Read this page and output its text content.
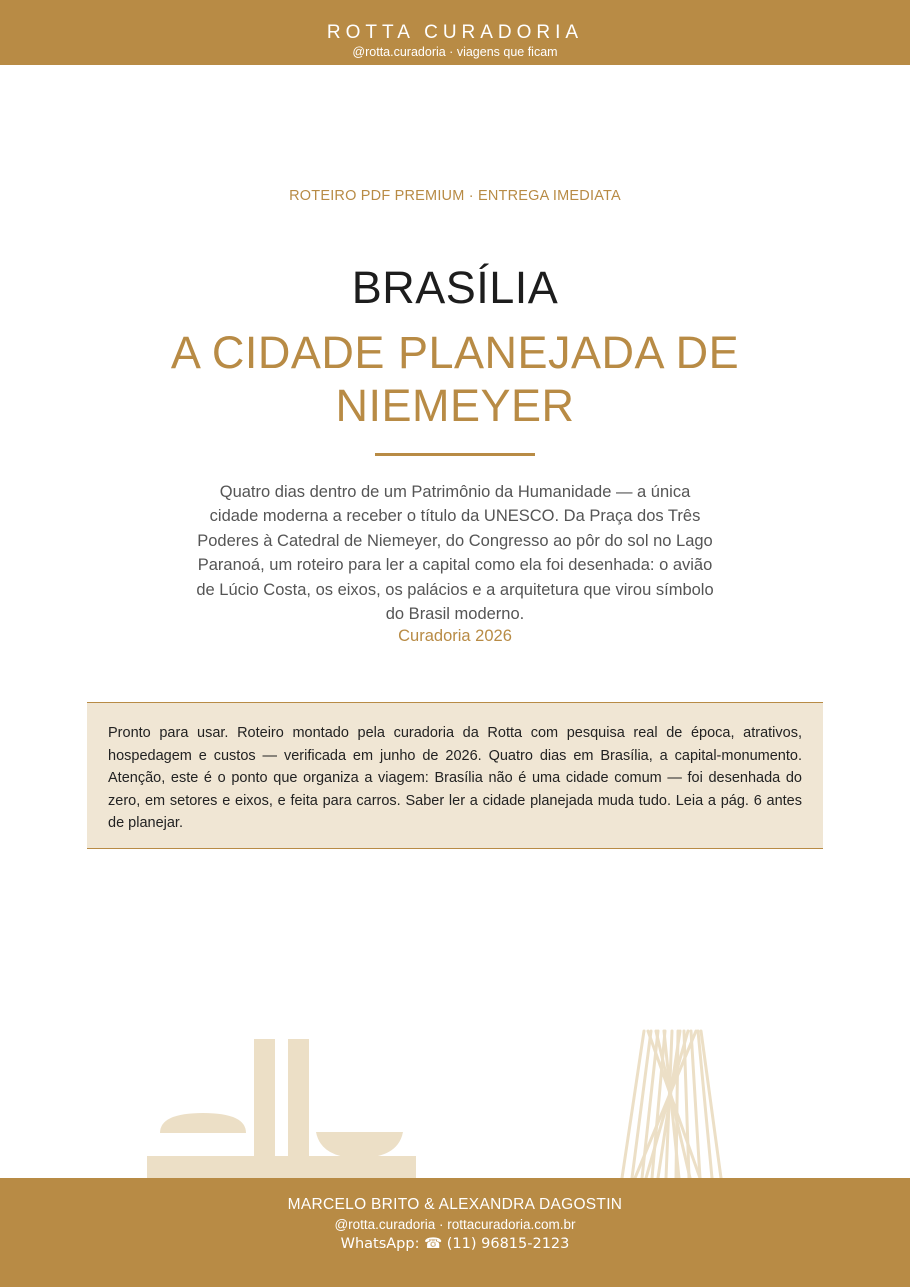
ROTTA CURADORIA
@rotta.curadoria · viagens que ficam
ROTEIRO PDF PREMIUM · ENTREGA IMEDIATA
BRASÍLIA
A CIDADE PLANEJADA DE NIEMEYER

Quatro dias dentro de um Patrimônio da Humanidade — a única cidade moderna a receber o título da UNESCO. Da Praça dos Três Poderes à Catedral de Niemeyer, do Congresso ao pôr do sol no Lago Paranoá, um roteiro para ler a capital como ela foi desenhada: o avião de Lúcio Costa, os eixos, os palácios e a arquitetura que virou símbolo do Brasil moderno.

Curadoria 2026

Pronto para usar. Roteiro montado pela curadoria da Rotta com pesquisa real de época, atrativos, hospedagem e custos — verificada em junho de 2026. Quatro dias em Brasília, a capital-monumento. Atenção, este é o ponto que organiza a viagem: Brasília não é uma cidade comum — foi desenhada do zero, em setores e eixos, e feita para carros. Saber ler a cidade planejada muda tudo. Leia a pág. 6 antes de planejar.

MARCELO BRITO & ALEXANDRA DAGOSTIN
@rotta.curadoria · rottacuradoria.com.br
WhatsApp: ☎ (11) 96815-2123
